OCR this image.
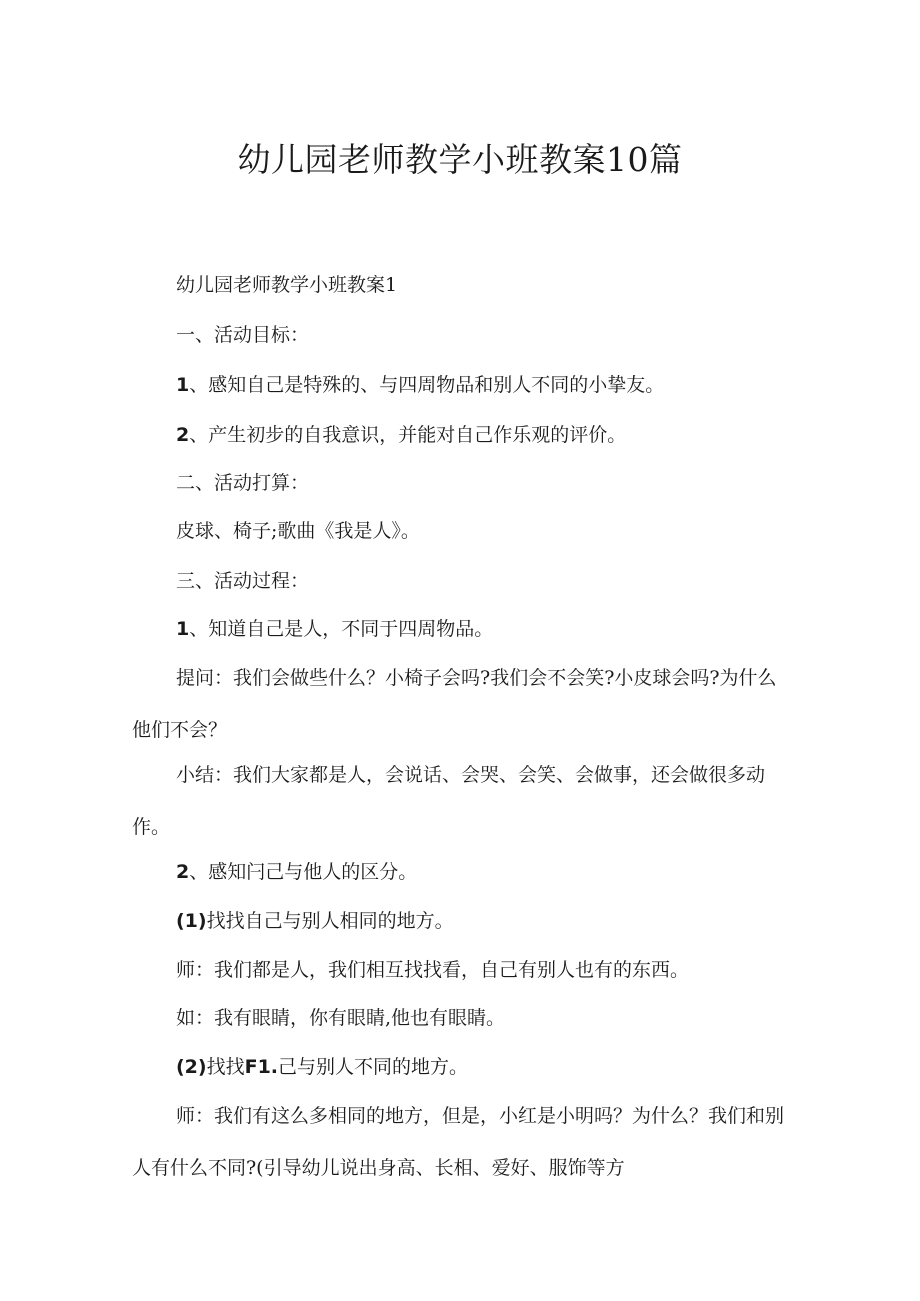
幼儿园老师教学小班教案10篇

幼儿园老师教学小班教案1

一、活动目标：

1、感知自己是特殊的、与四周物品和别人不同的小挚友。

2、产生初步的自我意识，并能对自己作乐观的评价。

二、活动打算：

皮球、椅子;歌曲《我是人》。

三、活动过程：

1、知道自己是人，不同于四周物品。

提问：我们会做些什么？小椅子会吗?我们会不会笑?小皮球会吗?为什么他们不会？

小结：我们大家都是人，会说话、会哭、会笑、会做事，还会做很多动作。

2、感知闩己与他人的区分。

(1)找找自己与别人相同的地方。

师：我们都是人，我们相互找找看，自己有别人也有的东西。

如：我有眼睛，你有眼睛,他也有眼睛。

(2)找找F1.己与别人不同的地方。

师：我们有这么多相同的地方，但是，小红是小明吗？为什么？我们和别人有什么不同?(引导幼儿说出身高、长相、爱好、服饰等方
